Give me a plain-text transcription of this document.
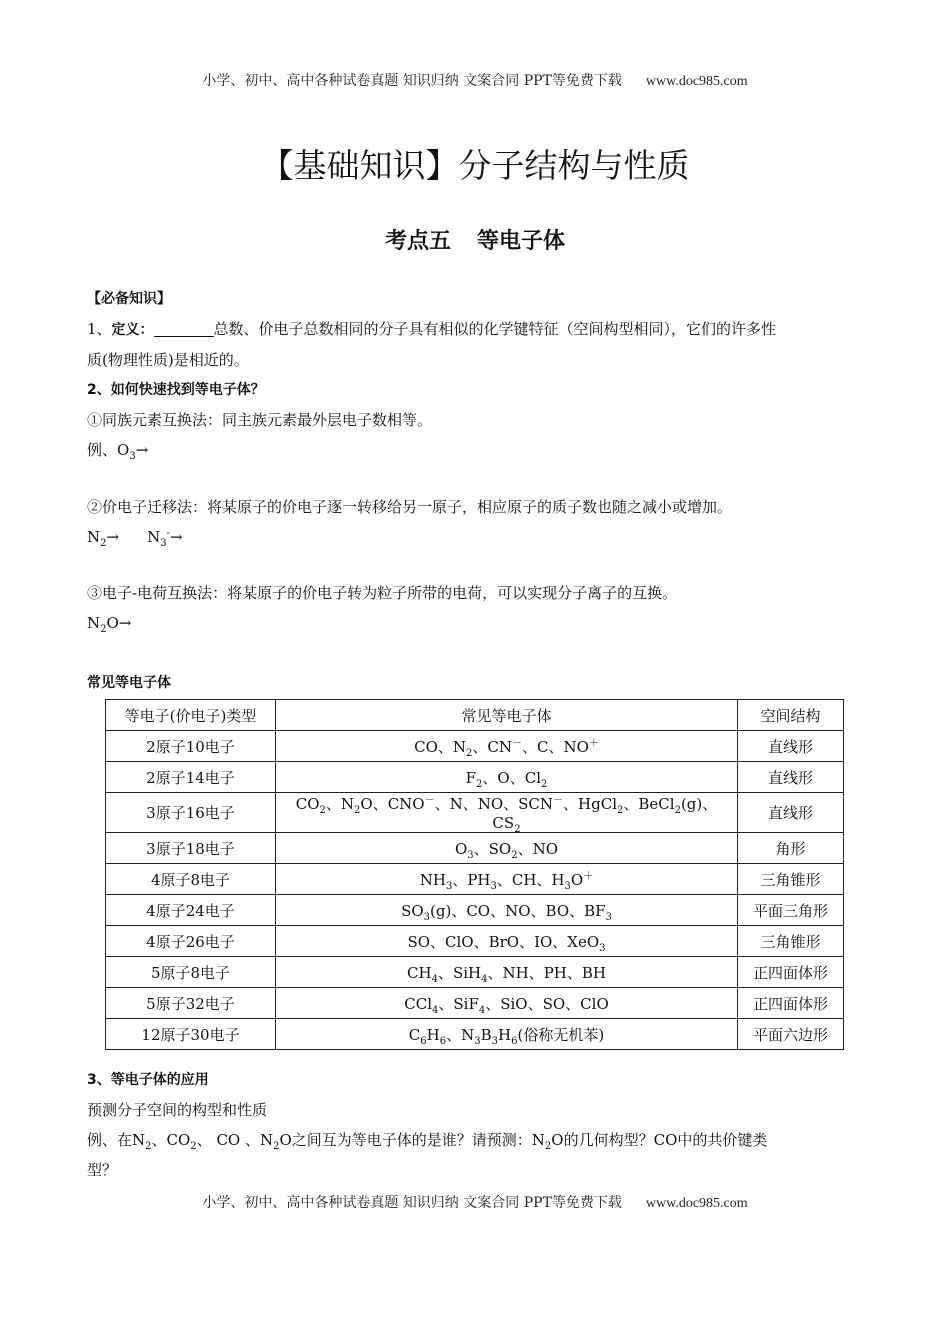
小学、初中、高中各种试卷真题 知识归纳 文案合同 PPT等免费下载 www.doc985.com
【基础知识】分子结构与性质
考点五 等电子体
【必备知识】
1、定义：	总数、价电子总数相同的分子具有相似的化学键特征（空间构型相同），它们的许多性
质(物理性质)是相近的。
2、如何快速找到等电子体？
①同族元素互换法：同主族元素最外层电子数相等。
例、$O_3\to$
②价电子迁移法：将某原子的价电子逐一转移给另一原子，相应原子的质子数也随之减小或增加。
$N_2\to N_3^-\to$
③电子-电荷互换法：将某原子的价电子转为粒子所带的电荷，可以实现分子离子的互换。
$N_2O\to$
常见等电子体
等电子(价电子)类型	常见等电子体	空间结构
2原子10电子	CO、$N_2$、CN－、C、NO＋	直线形
2原子14电子	$F_2$、O、$Cl_2$	直线形
3原子16电子	$CO_2$、$N_2O$、CNO－、N、NO、SCN－、HgCl$_2$、BeCl$_2$(g)、$CS_2$	直线形
3原子18电子	$O_3$、$SO_2$、NO	角形
4原子8电子	$NH_3$、$PH_3$、CH、$H_3O^+$	三角锥形
4原子24电子	$SO_3(g)$、CO、NO、BO、$BF_3$	平面三角形
4原子26电子	SO、ClO、BrO、IO、XeO$_3$	三角锥形
5原子8电子	$CH_4$、SiH$_4$、NH、PH、BH	正四面体形
5原子32电子	CCl$_4$、SiF$_4$、SiO、SO、ClO	正四面体形
12原子30电子	$C_6H_6$、$N_3B_3H_6$(俗称无机苯)	平面六边形
3、等电子体的应用
预测分子空间的构型和性质
例、在$N_2$、$CO_2$、 CO 、$N_2O$之间互为等电子体的是谁？请预测：$N_2O$的几何构型？CO中的共价键类
型？
小学、初中、高中各种试卷真题 知识归纳 文案合同 PPT等免费下载 www.doc985.com
